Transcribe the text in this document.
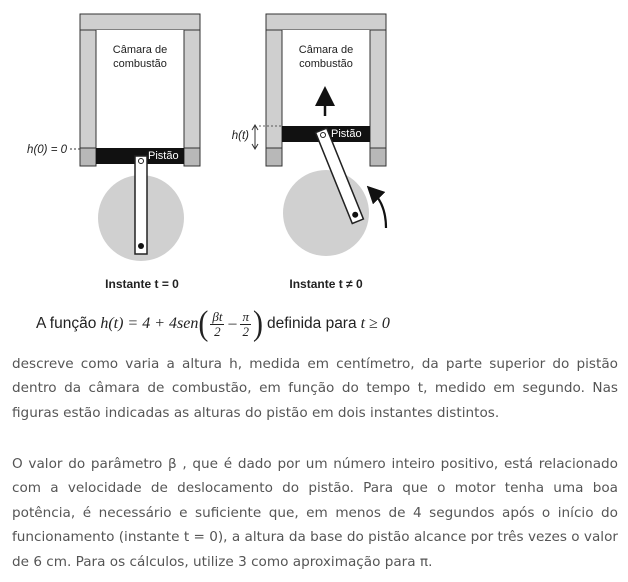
Câmara de
combustão
Pistão
h(0) = 0
Instante t = 0
Câmara de
combustão
Pistão
h(t)
Instante t ≠ 0
A função h(t) = 4 + 4sen ( $\frac{\beta t}{2} - \frac{\pi}{2}$ ) definida para t ≥ 0

descreve como varia a altura h, medida em centímetro, da parte superior do pistão dentro da câmara de combustão, em função do tempo t, medido em segundo. Nas figuras estão indicadas as alturas do pistão em dois instantes distintos.

O valor do parâmetro β , que é dado por um número inteiro positivo, está relacionado com a velocidade de deslocamento do pistão. Para que o motor tenha uma boa potência, é necessário e suficiente que, em menos de 4 segundos após o início do funcionamento (instante t = 0), a altura da base do pistão alcance por três vezes o valor de 6 cm. Para os cálculos, utilize 3 como aproximação para π.
